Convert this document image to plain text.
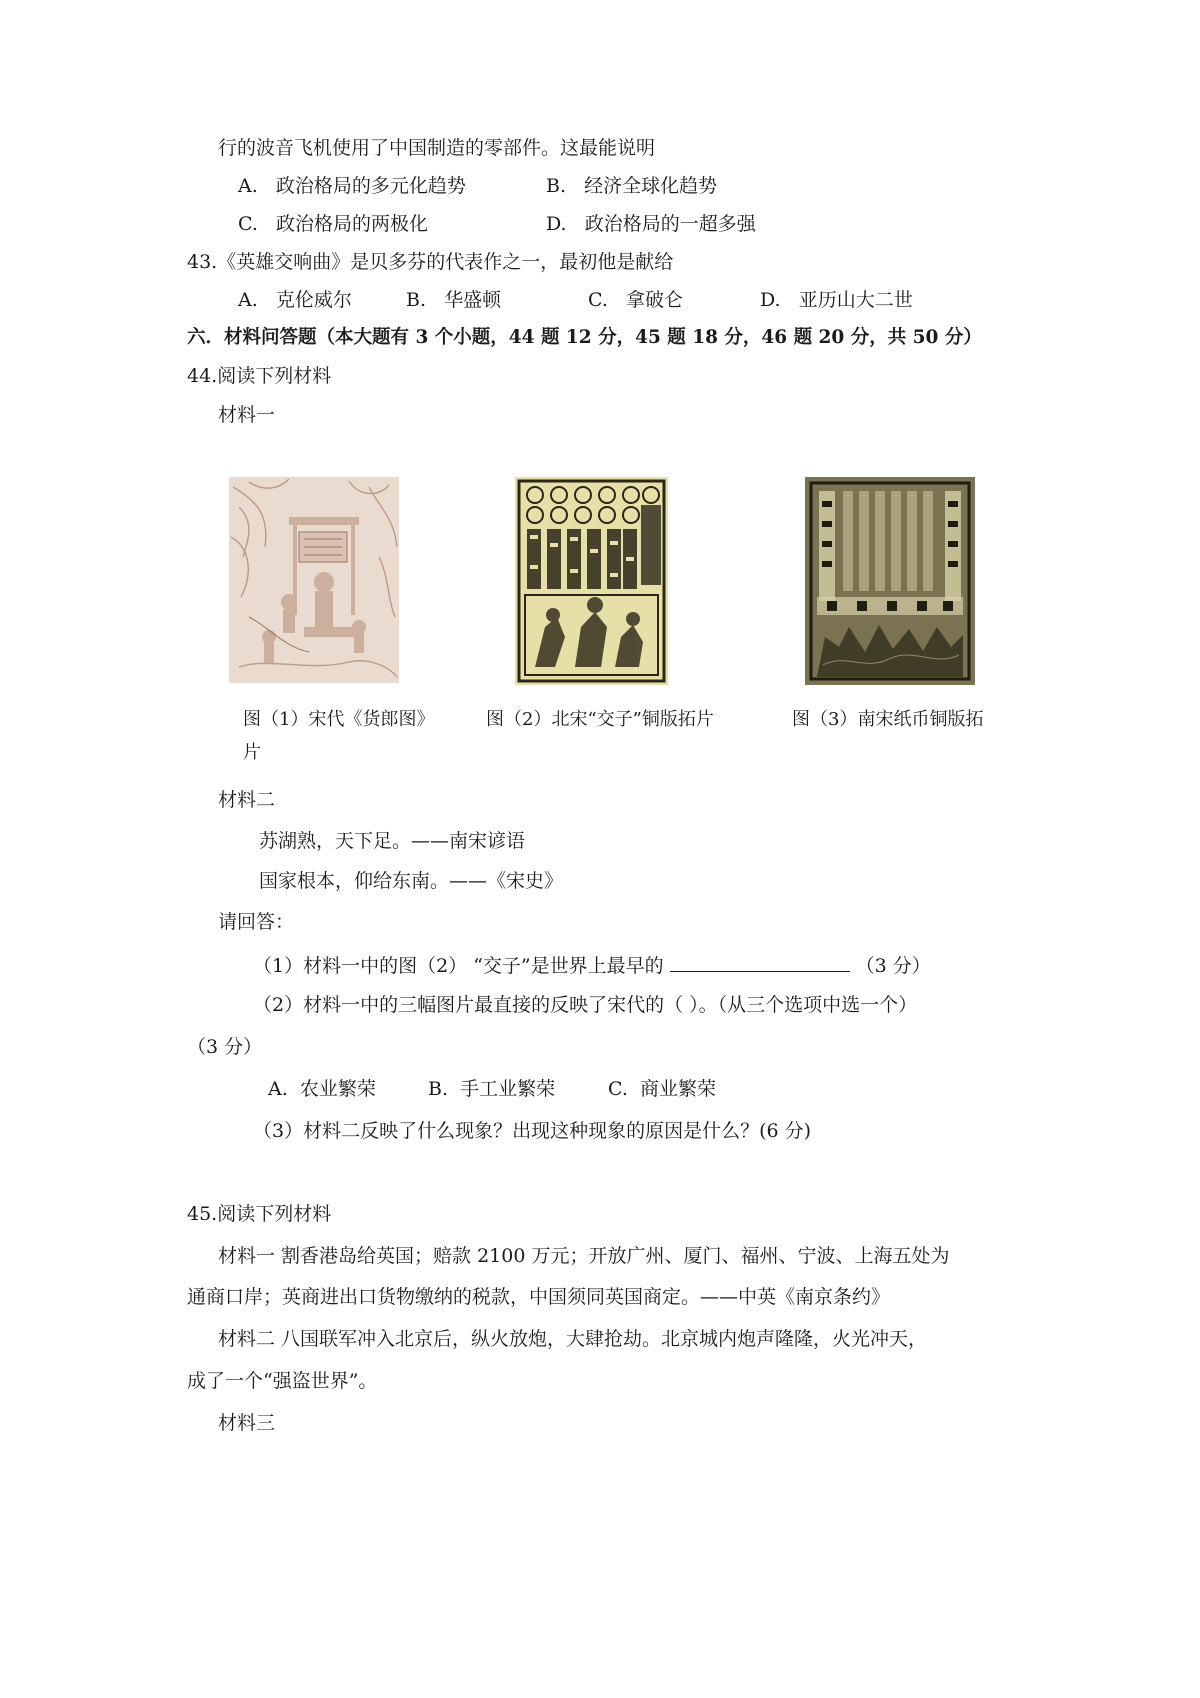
行的波音飞机使用了中国制造的零部件。这最能说明
A. 政治格局的多元化趋势	B. 经济全球化趋势
C. 政治格局的两极化	D. 政治格局的一超多强
43.《英雄交响曲》是贝多芬的代表作之一，最初他是献给
A. 克伦威尔	B. 华盛顿	C. 拿破仑	D. 亚历山大二世
六．材料问答题（本大题有 3 个小题，44 题 12 分，45 题 18 分，46 题 20 分，共 50 分）
44.阅读下列材料
材料一
图（1）宋代《货郎图》	图（2）北宋“交子”铜版拓片	图（3）南宋纸币铜版拓
片
材料二
苏湖熟，天下足。——南宋谚语
国家根本，仰给东南。——《宋史》
请回答：
（1）材料一中的图（2） “交子”是世界上最早的	（3 分）
（2）材料一中的三幅图片最直接的反映了宋代的（ ）。（从三个选项中选一个）
（3 分）
A. 农业繁荣	B. 手工业繁荣	C. 商业繁荣
（3）材料二反映了什么现象？出现这种现象的原因是什么？(6 分)
45.阅读下列材料
材料一 割香港岛给英国；赔款 2100 万元；开放广州、厦门、福州、宁波、上海五处为
通商口岸；英商进出口货物缴纳的税款，中国须同英国商定。——中英《南京条约》
材料二 八国联军冲入北京后，纵火放炮，大肆抢劫。北京城内炮声隆隆，火光冲天，
成了一个“强盗世界”。
材料三
